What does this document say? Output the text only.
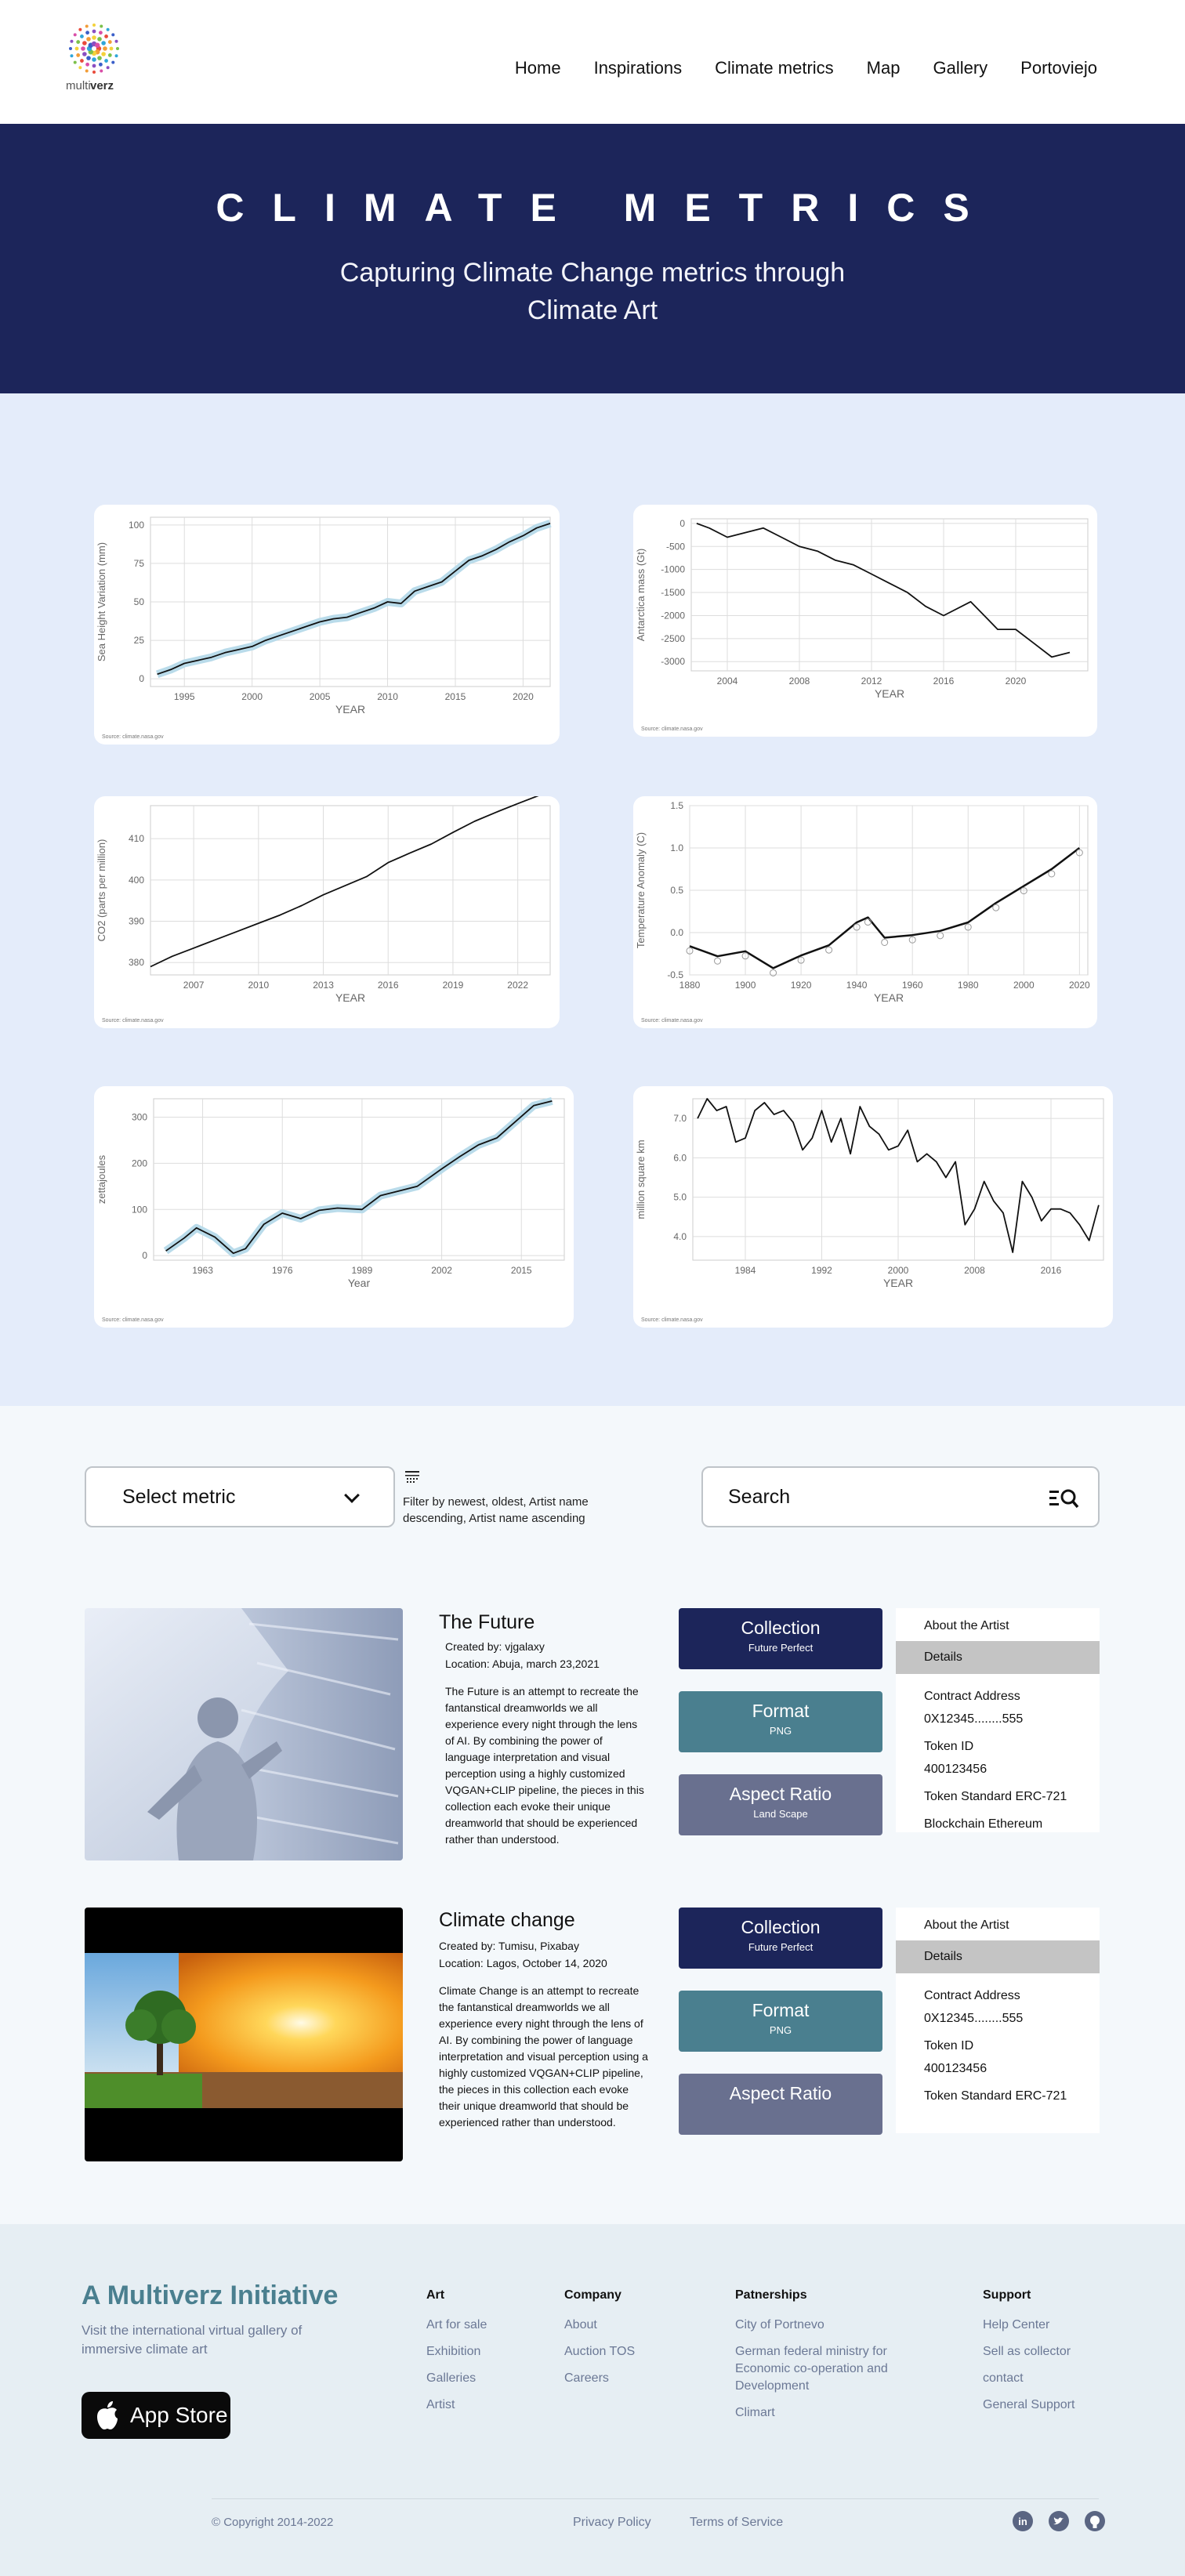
multi verz
Home Inspirations Climate metrics Map Gallery Portoviejo
CLIMATE METRICS
Capturing Climate Change metrics through Climate Art
0
25
50
75
100
1995	2000	2005	2010	2015	2020
YEAR
Sea Height Variation (mm)
Source: climate.nasa.gov
0
-500
-1000
-1500
-2000
-2500
-3000
2004	2008	2012	2016	2020
YEAR
Antarctica mass (Gt)
Source: climate.nasa.gov
380
390
400
410
2007	2010	2013	2016	2019	2022
YEAR
CO2 (parts per million)
Source: climate.nasa.gov
-0.5
0.0
0.5
1.0
1.5
1880	1900	1920	1940	1960	1980	2000	2020
YEAR
Temperature Anomaly (C)
Source: climate.nasa.gov
0
100
200
300
1963	1976	1989	2002	2015
Year
zettajoules
Source: climate.nasa.gov
4.0
5.0
6.0
7.0
1984	1992	2000	2008	2016
YEAR
million square km
Source: climate.nasa.gov
Select metric	Filter by newest, oldest, Artist name descending, Artist name ascending
Search
The Future
Created by: vjgalaxy
Location: Abuja, march 23,2021
The Future is an attempt to recreate the fantanstical dreamworlds we all experience every night through the lens of AI. By combining the power of language interpretation and visual perception using a highly customized VQGAN+CLIP pipeline, the pieces in this collection each evoke their unique dreamworld that should be experienced rather than understood.
Collection
Future Perfect
Format
PNG
Aspect Ratio
Land Scape
About the Artist
Details
Contract Address
0X12345........555
Token ID
400123456
Token Standard ERC-721
Blockchain Ethereum
Climate change
Created by: Tumisu, Pixabay
Location: Lagos, October 14, 2020
Climate Change is an attempt to recreate the fantanstical dreamworlds we all experience every night through the lens of AI. By combining the power of language interpretation and visual perception using a highly customized VQGAN+CLIP pipeline, the pieces in this collection each evoke their unique dreamworld that should be experienced rather than understood.
Collection
Future Perfect
Format
PNG
Aspect Ratio
About the Artist
Details
Contract Address
0X12345........555
Token ID
400123456
Token Standard ERC-721
A Multiverz Initiative
Visit the international virtual gallery of immersive climate art
App Store
Art
Art for sale
Exhibition
Galleries
Artist
Company
About
Auction TOS
Careers
Patnerships
City of Portnevo
German federal ministry for Economic co-operation and Development
Climart
Support
Help Center
Sell as collector
contact
General Support
© Copyright 2014-2022	Privacy Policy	Terms of Service	in
